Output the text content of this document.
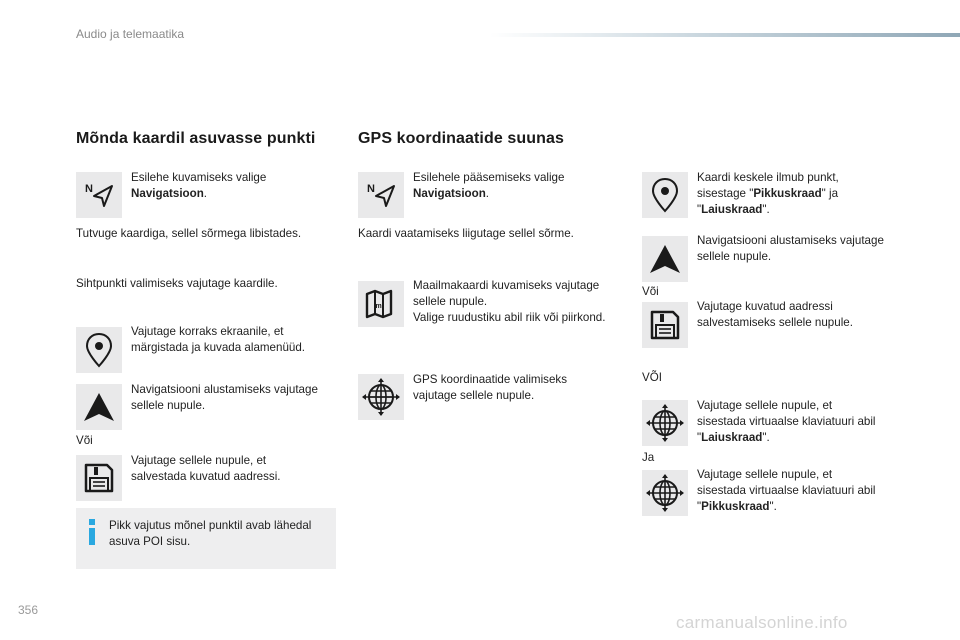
Audio ja telemaatika
Mõnda kaardil asuvasse punkti
N
Esilehe kuvamiseks valige
Navigatsioon.
Tutvuge kaardiga, sellel sõrmega libistades.
Sihtpunkti valimiseks vajutage kaardile.
Vajutage korraks ekraanile, et
märgistada ja kuvada alamenüüd.
Navigatsiooni alustamiseks vajutage
sellele nupule.
Või
Vajutage sellele nupule, et
salvestada kuvatud aadressi.
Pikk vajutus mõnel punktil avab lähedal
asuva POI sisu.
GPS koordinaatide suunas
N
Esilehele pääsemiseks valige
Navigatsioon.
Kaardi vaatamiseks liigutage sellel sõrme.
m
Maailmakaardi kuvamiseks vajutage
sellele nupule.
Valige ruudustiku abil riik või piirkond.
GPS koordinaatide valimiseks
vajutage sellele nupule.
Kaardi keskele ilmub punkt,
sisestage "Pikkuskraad" ja
"Laiuskraad".
Navigatsiooni alustamiseks vajutage
sellele nupule.
Või
Vajutage kuvatud aadressi
salvestamiseks sellele nupule.
VÕI
Vajutage sellele nupule, et
sisestada virtuaalse klaviatuuri abil
"Laiuskraad".
Ja
Vajutage sellele nupule, et
sisestada virtuaalse klaviatuuri abil
"Pikkuskraad".
356
carmanualsonline.info
